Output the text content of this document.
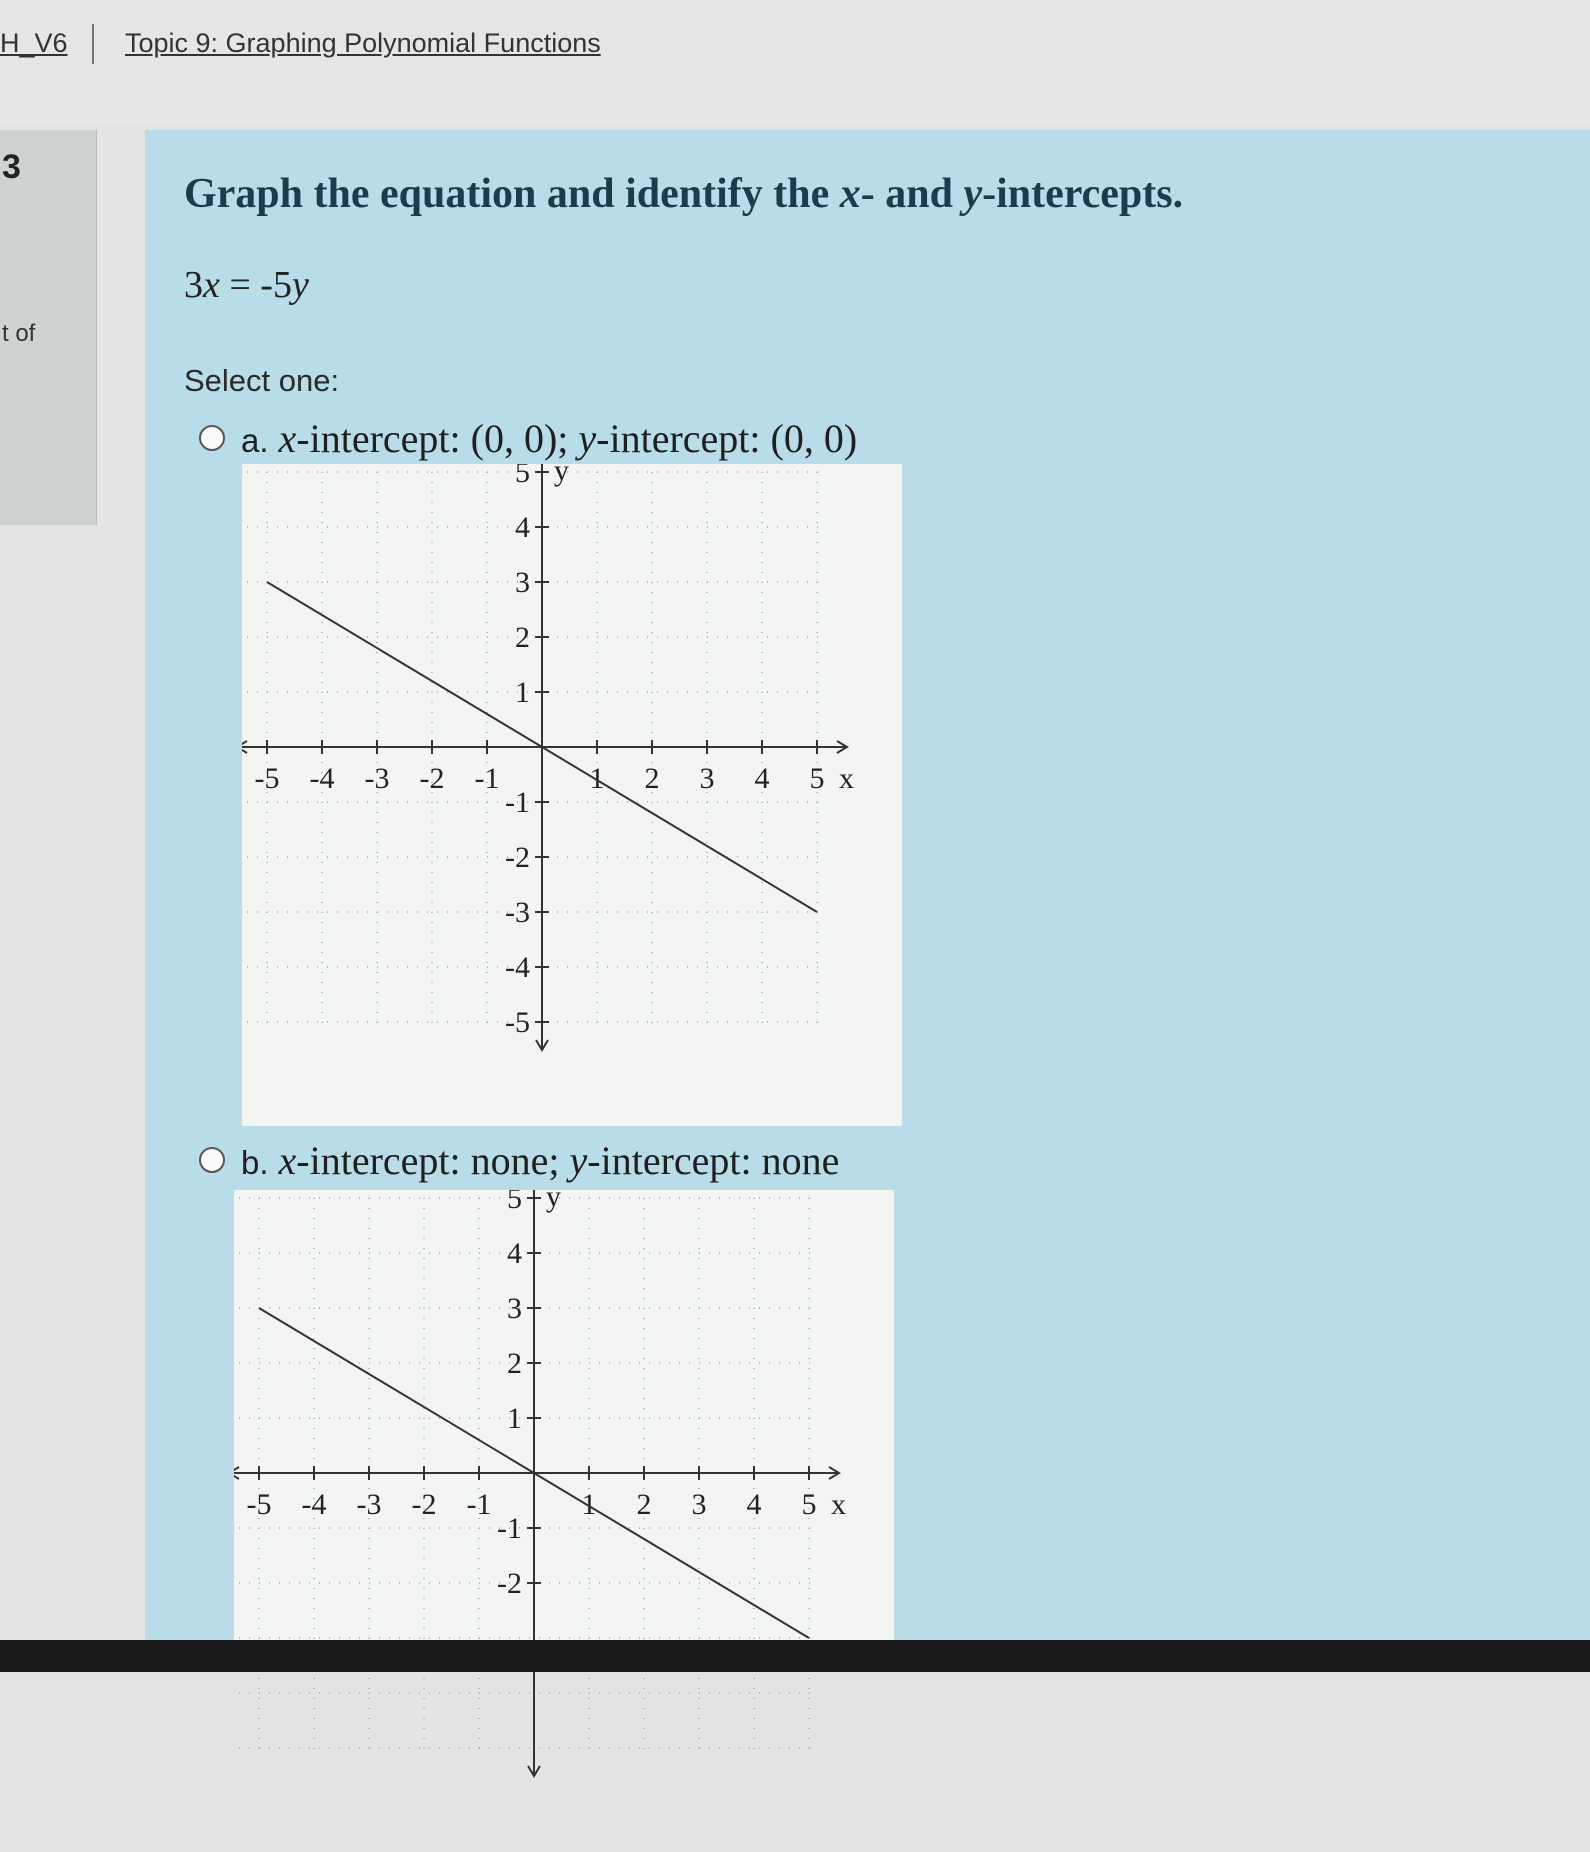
H_V6 Topic 9: Graphing Polynomial Functions
3
t of
Graph the equation and identify the x- and y-intercepts.
3x = -5y
Select one:
a. x-intercept: (0, 0); y-intercept: (0, 0)
-5 -4 -3 -2 -1	1 2 3 4 5
5
4
3
2
1
-1
-2
-3
-4
-5
x
y
b. x-intercept: none; y-intercept: none
-5 -4 -3 -2 -1	1 2 3 4 5
5
4
3
2
1
-1
-2
x
y
